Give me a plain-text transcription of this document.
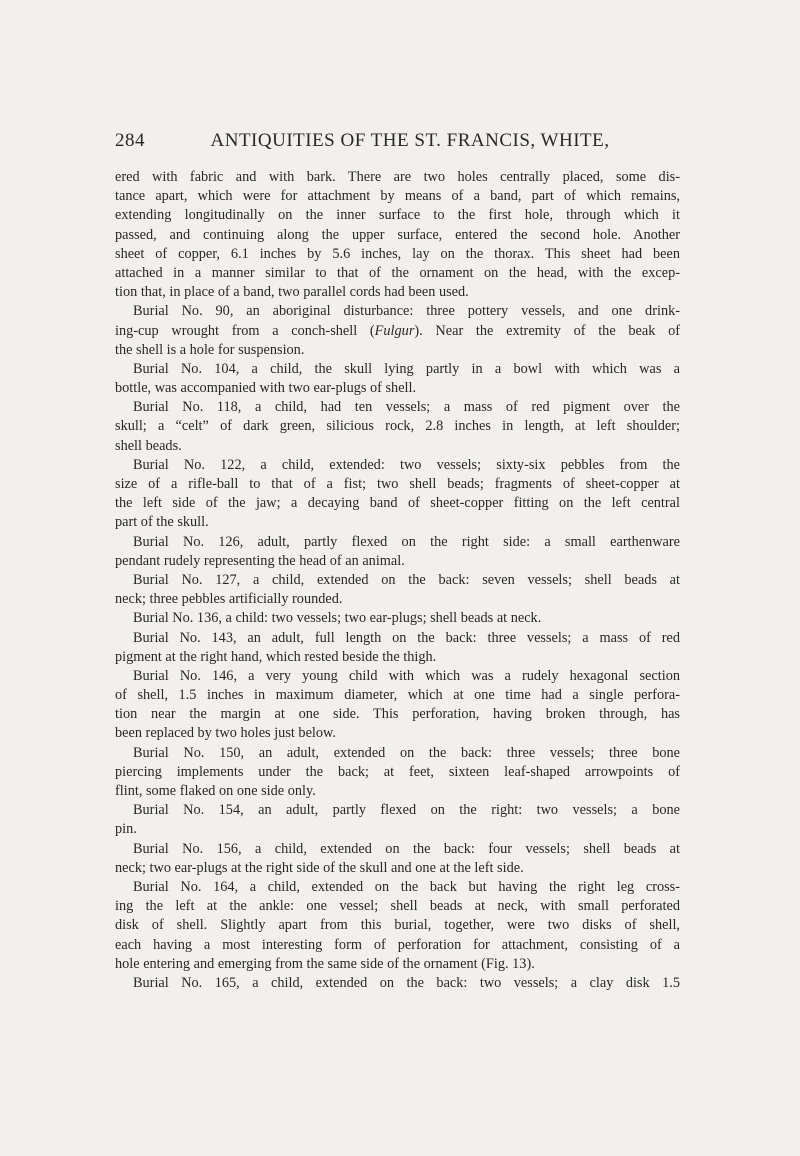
284	ANTIQUITIES OF THE ST. FRANCIS, WHITE,
ered with fabric and with bark. There are two holes centrally placed, some dis-
tance apart, which were for attachment by means of a band, part of which remains,
extending longitudinally on the inner surface to the first hole, through which it
passed, and continuing along the upper surface, entered the second hole. Another
sheet of copper, 6.1 inches by 5.6 inches, lay on the thorax. This sheet had been
attached in a manner similar to that of the ornament on the head, with the excep-
tion that, in place of a band, two parallel cords had been used.
Burial No. 90, an aboriginal disturbance: three pottery vessels, and one drink-
ing-cup wrought from a conch-shell (Fulgur). Near the extremity of the beak of
the shell is a hole for suspension.
Burial No. 104, a child, the skull lying partly in a bowl with which was a
bottle, was accompanied with two ear-plugs of shell.
Burial No. 118, a child, had ten vessels; a mass of red pigment over the
skull; a “celt” of dark green, silicious rock, 2.8 inches in length, at left shoulder;
shell beads.
Burial No. 122, a child, extended: two vessels; sixty-six pebbles from the
size of a rifle-ball to that of a fist; two shell beads; fragments of sheet-copper at
the left side of the jaw; a decaying band of sheet-copper fitting on the left central
part of the skull.
Burial No. 126, adult, partly flexed on the right side: a small earthenware
pendant rudely representing the head of an animal.
Burial No. 127, a child, extended on the back: seven vessels; shell beads at
neck; three pebbles artificially rounded.
Burial No. 136, a child: two vessels; two ear-plugs; shell beads at neck.
Burial No. 143, an adult, full length on the back: three vessels; a mass of red
pigment at the right hand, which rested beside the thigh.
Burial No. 146, a very young child with which was a rudely hexagonal section
of shell, 1.5 inches in maximum diameter, which at one time had a single perfora-
tion near the margin at one side. This perforation, having broken through, has
been replaced by two holes just below.
Burial No. 150, an adult, extended on the back: three vessels; three bone
piercing implements under the back; at feet, sixteen leaf-shaped arrowpoints of
flint, some flaked on one side only.
Burial No. 154, an adult, partly flexed on the right: two vessels; a bone
pin.
Burial No. 156, a child, extended on the back: four vessels; shell beads at
neck; two ear-plugs at the right side of the skull and one at the left side.
Burial No. 164, a child, extended on the back but having the right leg cross-
ing the left at the ankle: one vessel; shell beads at neck, with small perforated
disk of shell. Slightly apart from this burial, together, were two disks of shell,
each having a most interesting form of perforation for attachment, consisting of a
hole entering and emerging from the same side of the ornament (Fig. 13).
Burial No. 165, a child, extended on the back: two vessels; a clay disk 1.5
